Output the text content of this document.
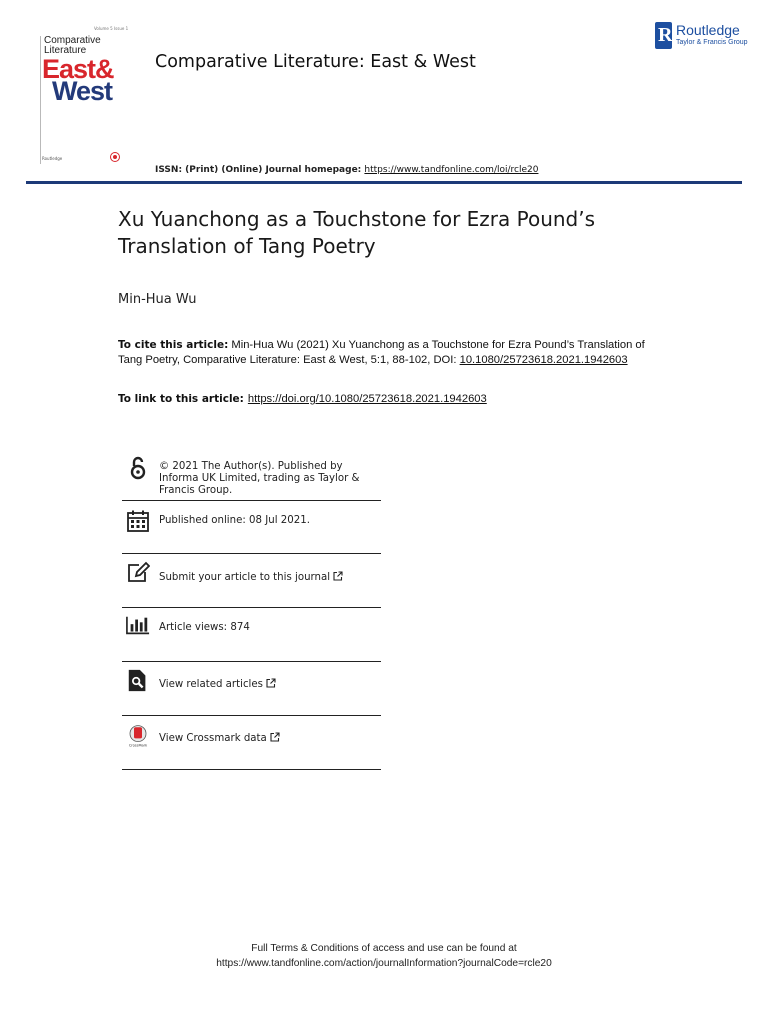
Volume 5 Issue 1
Comparative
Literature
East&
West
Routledge
Comparative Literature: East & West
R Routledge
Taylor & Francis Group
ISSN: (Print) (Online) Journal homepage: https://www.tandfonline.com/loi/rcle20
Xu Yuanchong as a Touchstone for Ezra Pound’s Translation of Tang Poetry
Min-Hua Wu
To cite this article: Min-Hua Wu (2021) Xu Yuanchong as a Touchstone for Ezra Pound’s Translation of Tang Poetry, Comparative Literature: East & West, 5:1, 88-102, DOI: 10.1080/25723618.2021.1942603
To link to this article: https://doi.org/10.1080/25723618.2021.1942603
© 2021 The Author(s). Published by Informa UK Limited, trading as Taylor & Francis Group.
Published online: 08 Jul 2021.
Submit your article to this journal
Article views: 874
View related articles
CrossMark
View Crossmark data
Full Terms & Conditions of access and use can be found at
https://www.tandfonline.com/action/journalInformation?journalCode=rcle20
